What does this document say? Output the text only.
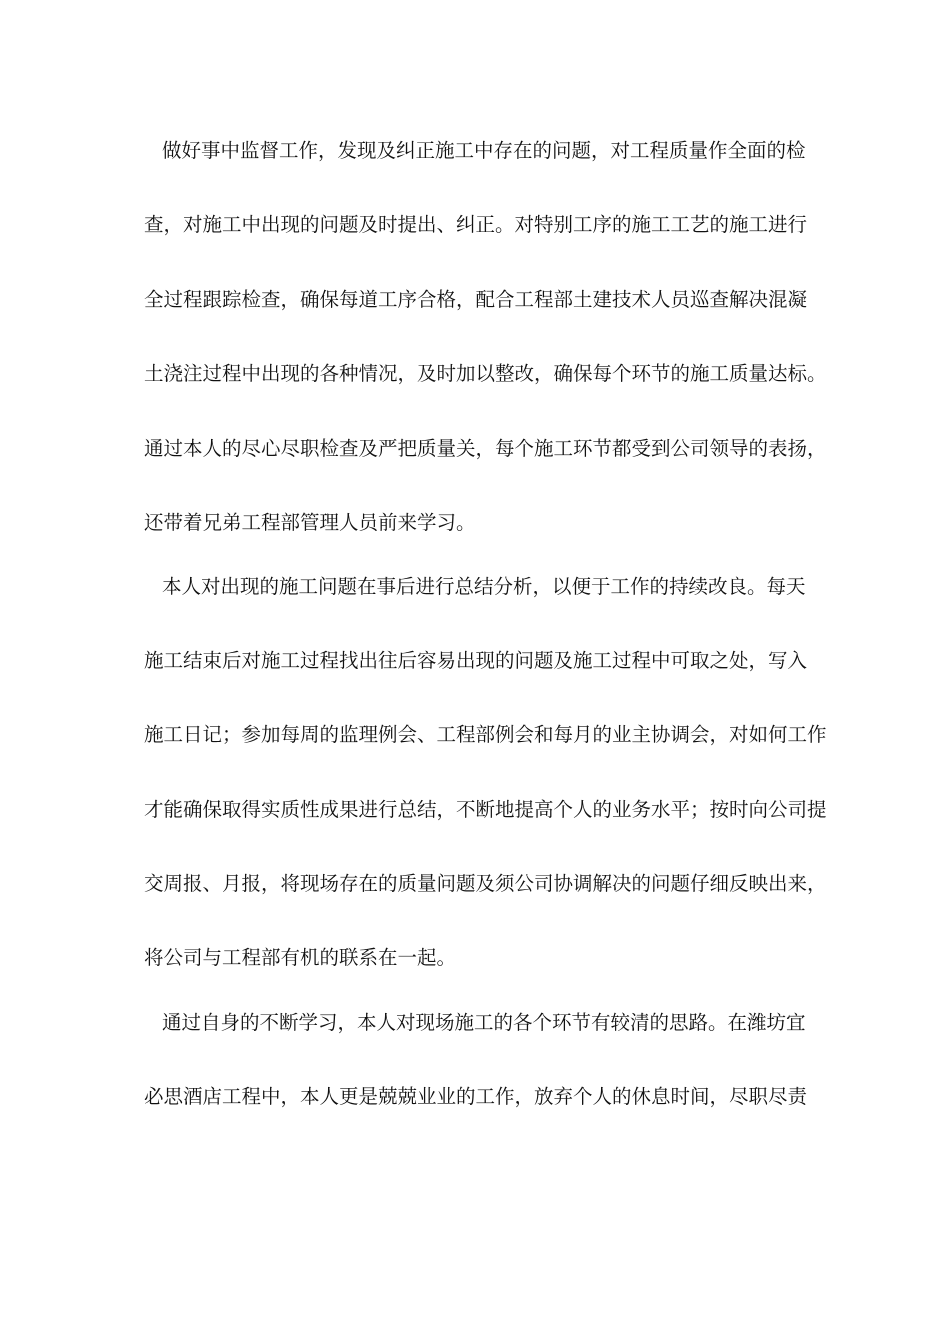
做好事中监督工作，发现及纠正施工中存在的问题，对工程质量作全面的检
查，对施工中出现的问题及时提出、纠正。对特别工序的施工工艺的施工进行
全过程跟踪检查，确保每道工序合格，配合工程部土建技术人员巡查解决混凝
土浇注过程中出现的各种情况，及时加以整改，确保每个环节的施工质量达标。
通过本人的尽心尽职检查及严把质量关，每个施工环节都受到公司领导的表扬，
还带着兄弟工程部管理人员前来学习。
本人对出现的施工问题在事后进行总结分析，以便于工作的持续改良。每天
施工结束后对施工过程找出往后容易出现的问题及施工过程中可取之处，写入
施工日记；参加每周的监理例会、工程部例会和每月的业主协调会，对如何工作
才能确保取得实质性成果进行总结，不断地提高个人的业务水平；按时向公司提
交周报、月报，将现场存在的质量问题及须公司协调解决的问题仔细反映出来，
将公司与工程部有机的联系在一起。
通过自身的不断学习，本人对现场施工的各个环节有较清的思路。在潍坊宜
必思酒店工程中，本人更是兢兢业业的工作，放弃个人的休息时间，尽职尽责
